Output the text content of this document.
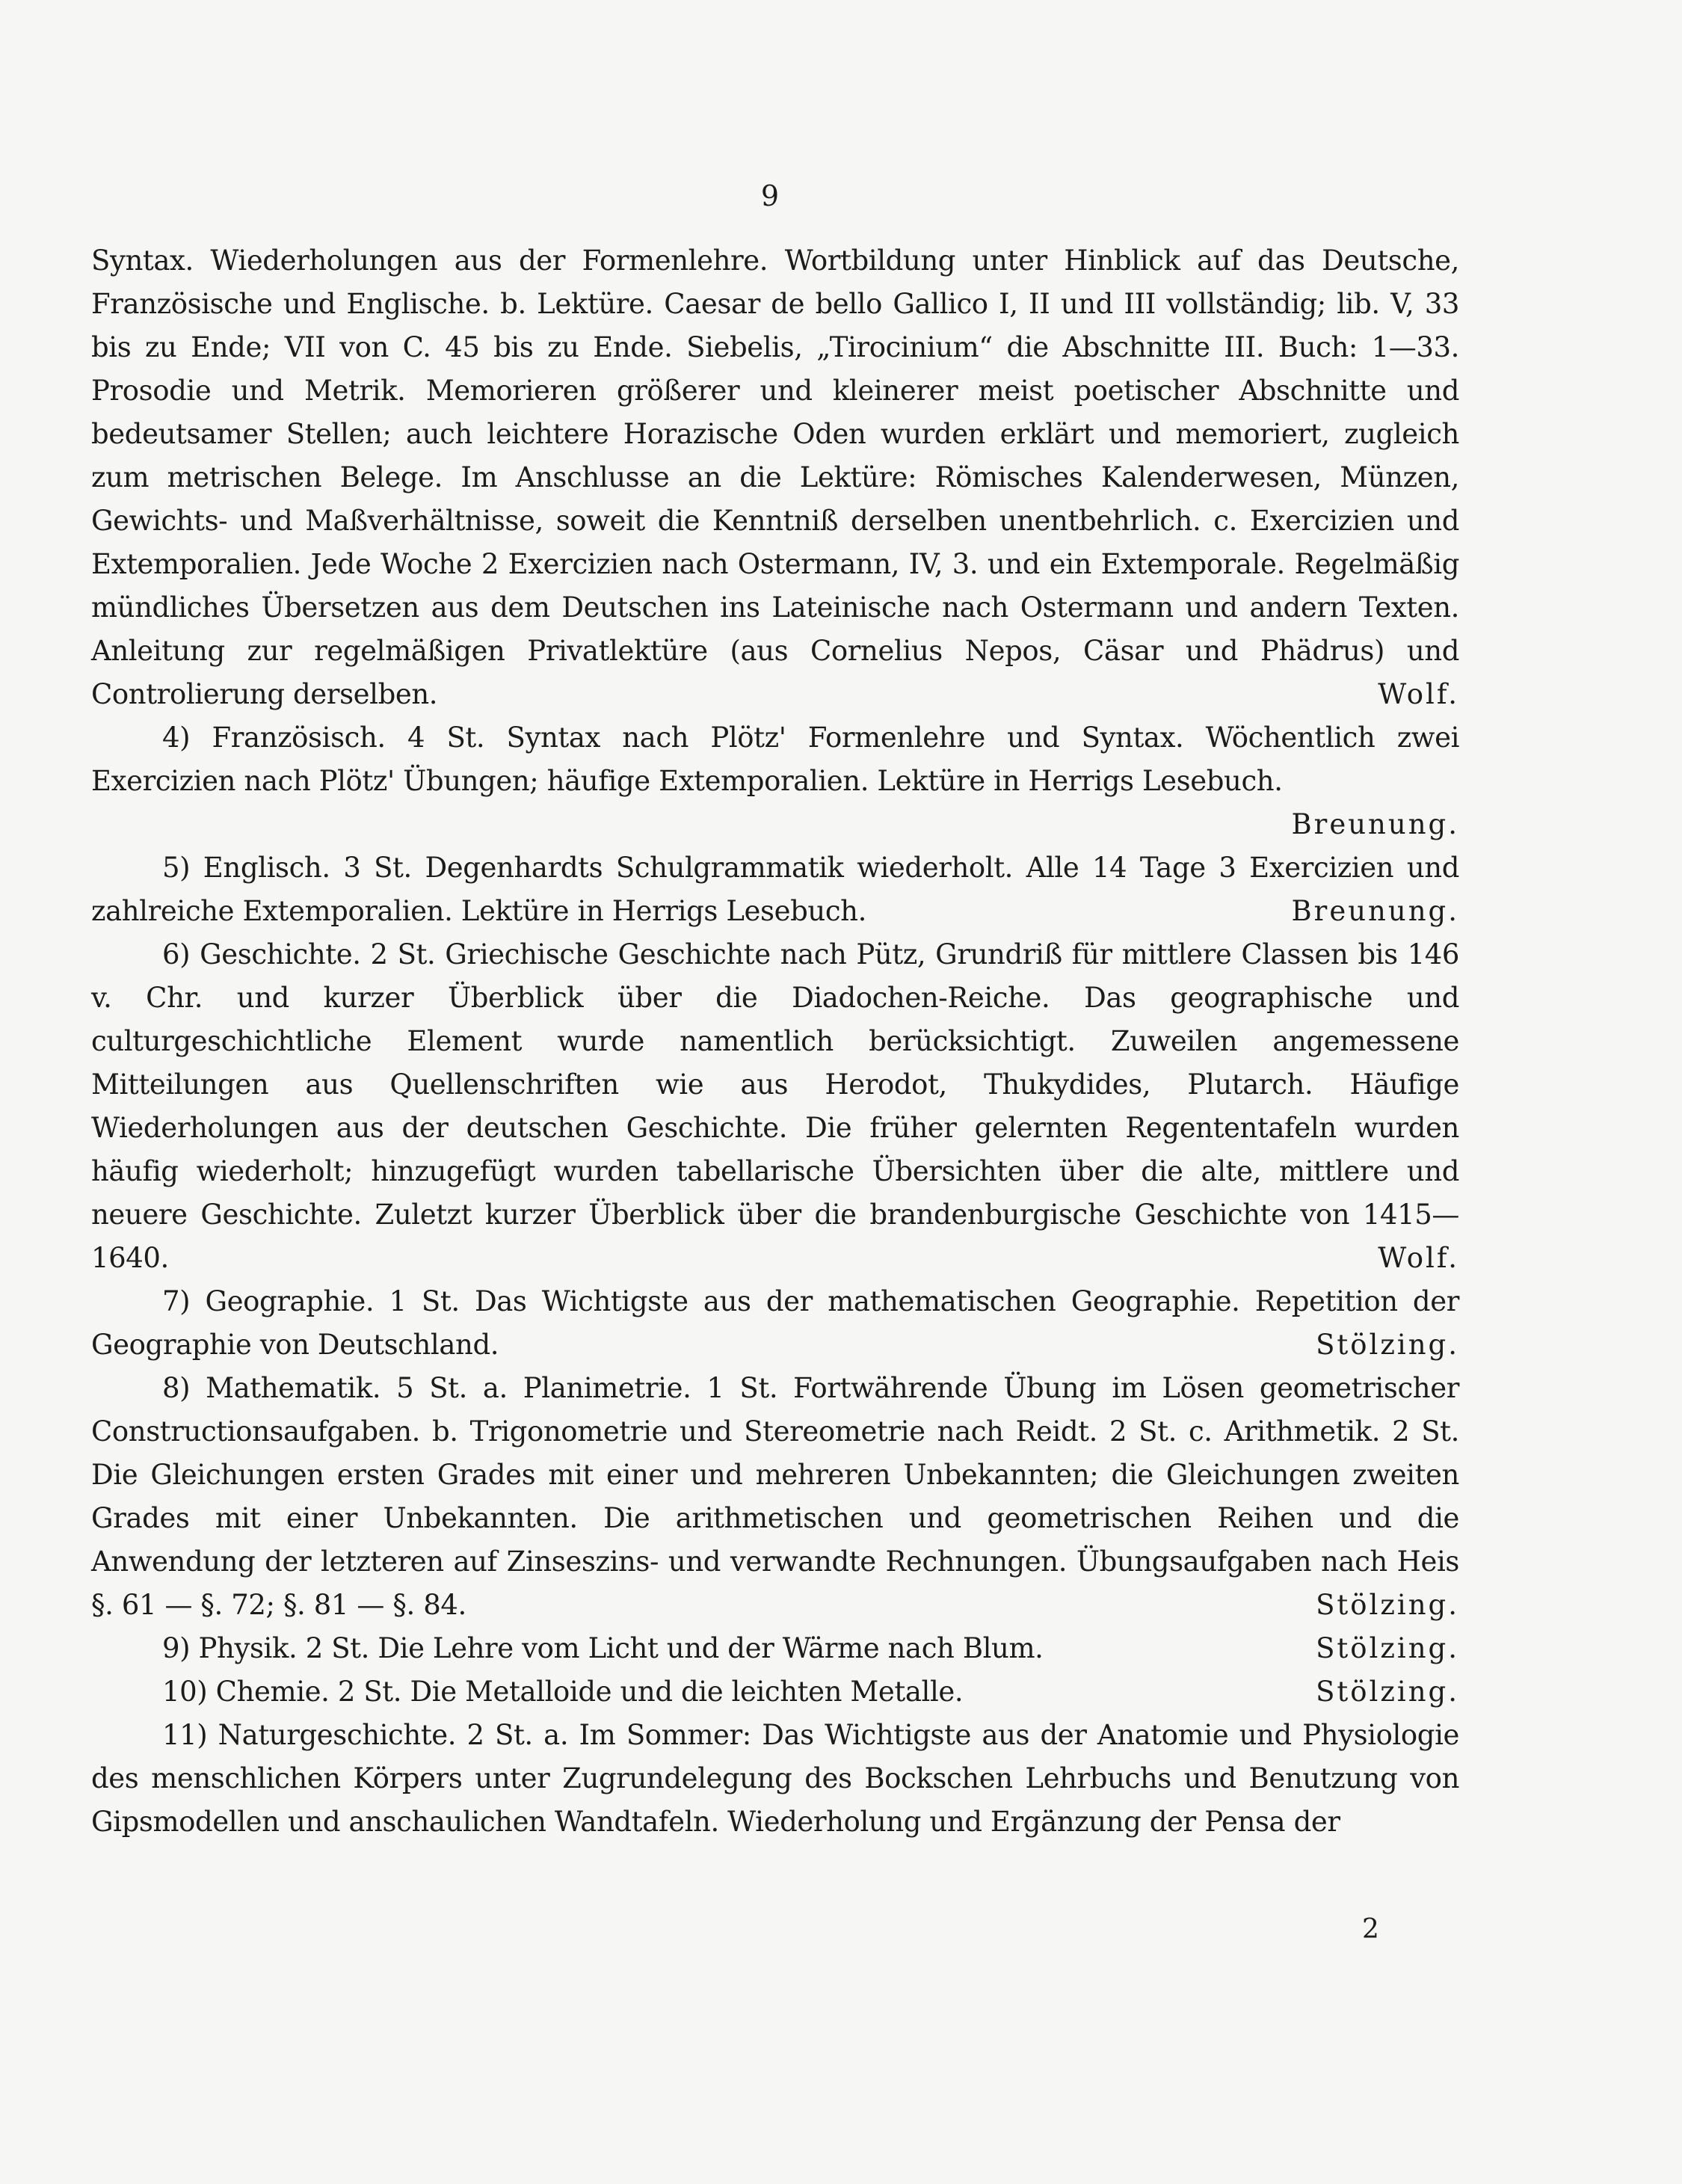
9

Syntax. Wiederholungen aus der Formenlehre. Wortbildung unter Hinblick auf das Deutsche, Französische und Englische. b. Lektüre. Caesar de bello Gallico I, II und III vollständig; lib. V, 33 bis zu Ende; VII von C. 45 bis zu Ende. Siebelis, „Tirocinium“ die Abschnitte III. Buch: 1—33. Prosodie und Metrik. Memorieren größerer und kleinerer meist poetischer Abschnitte und bedeutsamer Stellen; auch leichtere Horazische Oden wurden erklärt und memoriert, zugleich zum metrischen Belege. Im Anschlusse an die Lektüre: Römisches Kalenderwesen, Münzen, Gewichts- und Maßverhältnisse, soweit die Kenntniß derselben unentbehrlich. c. Exercizien und Extemporalien. Jede Woche 2 Exercizien nach Ostermann, IV, 3. und ein Extemporale. Regelmäßig mündliches Übersetzen aus dem Deutschen ins Lateinische nach Ostermann und andern Texten. Anleitung zur regelmäßigen Privatlektüre (aus Cornelius Nepos, Cäsar und Phädrus) und Controlierung derselben.	Wolf.

4) Französisch. 4 St. Syntax nach Plötz' Formenlehre und Syntax. Wöchentlich zwei Exercizien nach Plötz' Übungen; häufige Extemporalien. Lektüre in Herrigs Lesebuch.
Breunung.

5) Englisch. 3 St. Degenhardts Schulgrammatik wiederholt. Alle 14 Tage 3 Exercizien und zahlreiche Extemporalien. Lektüre in Herrigs Lesebuch.	Breunung.

6) Geschichte. 2 St. Griechische Geschichte nach Pütz, Grundriß für mittlere Classen bis 146 v. Chr. und kurzer Überblick über die Diadochen-Reiche. Das geographische und culturgeschichtliche Element wurde namentlich berücksichtigt. Zuweilen angemessene Mitteilungen aus Quellenschriften wie aus Herodot, Thukydides, Plutarch. Häufige Wiederholungen aus der deutschen Geschichte. Die früher gelernten Regententafeln wurden häufig wiederholt; hinzugefügt wurden tabellarische Übersichten über die alte, mittlere und neuere Geschichte. Zuletzt kurzer Überblick über die brandenburgische Geschichte von 1415—1640.	Wolf.

7) Geographie. 1 St. Das Wichtigste aus der mathematischen Geographie. Repetition der Geographie von Deutschland.	Stölzing.

8) Mathematik. 5 St. a. Planimetrie. 1 St. Fortwährende Übung im Lösen geometrischer Constructionsaufgaben. b. Trigonometrie und Stereometrie nach Reidt. 2 St. c. Arithmetik. 2 St. Die Gleichungen ersten Grades mit einer und mehreren Unbekannten; die Gleichungen zweiten Grades mit einer Unbekannten. Die arithmetischen und geometrischen Reihen und die Anwendung der letzteren auf Zinseszins- und verwandte Rechnungen. Übungsaufgaben nach Heis §. 61 — §. 72; §. 81 — §. 84.	Stölzing.

9) Physik. 2 St. Die Lehre vom Licht und der Wärme nach Blum.	Stölzing.

10) Chemie. 2 St. Die Metalloide und die leichten Metalle.	Stölzing.

11) Naturgeschichte. 2 St. a. Im Sommer: Das Wichtigste aus der Anatomie und Physiologie des menschlichen Körpers unter Zugrundelegung des Bockschen Lehrbuchs und Benutzung von Gipsmodellen und anschaulichen Wandtafeln. Wiederholung und Ergänzung der Pensa der

2
